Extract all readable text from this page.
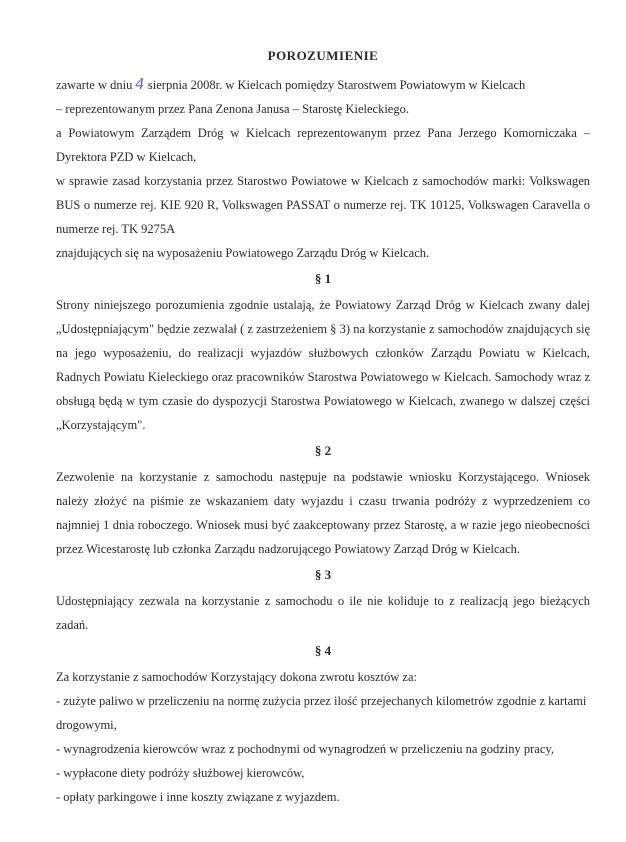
POROZUMIENIE

zawarte w dniu4sierpnia 2008r. w Kielcach pomiędzy Starostwem Powiatowym w Kielcach

– reprezentowanym przez Pana Zenona Janusa – Starostę Kieleckiego.

a Powiatowym Zarządem Dróg w Kielcach reprezentowanym przez Pana Jerzego Komorniczaka – Dyrektora PZD w Kielcach,

w sprawie zasad korzystania przez Starostwo Powiatowe w Kielcach z samochodów marki: Volkswagen BUS o numerze rej. KIE 920 R, Volkswagen PASSAT o numerze rej. TK 10125, Volkswagen Caravella o numerze rej. TK 9275A

znajdujących się na wyposażeniu Powiatowego Zarządu Dróg w Kielcach.

§ 1

Strony niniejszego porozumienia zgodnie ustalają, że Powiatowy Zarząd Dróg w Kielcach zwany dalej „Udostępniającym" będzie zezwalał ( z zastrzeżeniem § 3) na korzystanie z samochodów znajdujących się na jego wyposażeniu, do realizacji wyjazdów służbowych członków Zarządu Powiatu w Kielcach, Radnych Powiatu Kieleckiego oraz pracowników Starostwa Powiatowego w Kielcach. Samochody wraz z obsługą będą w tym czasie do dyspozycji Starostwa Powiatowego w Kielcach, zwanego w dalszej części „Korzystającym".

§ 2

Zezwolenie na korzystanie z samochodu następuje na podstawie wniosku Korzystającego. Wniosek należy złożyć na piśmie ze wskazaniem daty wyjazdu i czasu trwania podróży z wyprzedzeniem co najmniej 1 dnia roboczego. Wniosek musi być zaakceptowany przez Starostę, a w razie jego nieobecności przez Wicestarostę lub członka Zarządu nadzorującego Powiatowy Zarząd Dróg w Kielcach.

§ 3

Udostępniający zezwala na korzystanie z samochodu o ile nie koliduje to z realizacją jego bieżących zadań.

§ 4

Za korzystanie z samochodów Korzystający dokona zwrotu kosztów za:

- zużyte paliwo w przeliczeniu na normę zużycia przez ilość przejechanych kilometrów zgodnie z kartami drogowymi,
- wynagrodzenia kierowców wraz z pochodnymi od wynagrodzeń w przeliczeniu na godziny pracy,
- wypłacone diety podróży służbowej kierowców,
- opłaty parkingowe i inne koszty związane z wyjazdem.
